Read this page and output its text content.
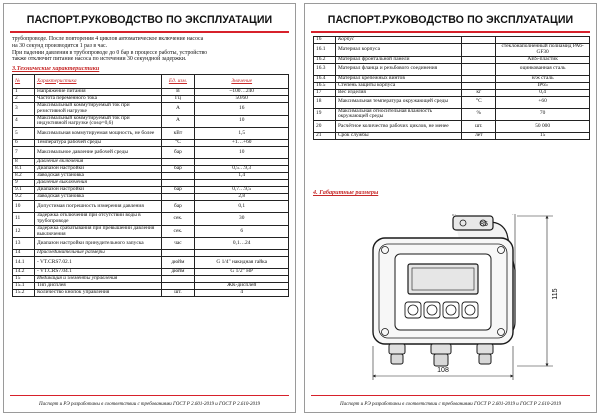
ПАСПОРТ.РУКОВОДСТВО ПО ЭКСПЛУАТАЦИИ
трубопроводе. После повторения 4 циклов автоматическое включение насоса
на 30 секунд производится 1 раз в час.
При падении давления в трубопроводе до 0 бар в процессе работы, устройство
также отключит питание насоса по истечении 30 секундной задержки.
3.Технические характеристики
№	Характеристика	Ед. изм.	Значение
1	Напряжение питания	В	~100…240
2	Частота переменного тока	Гц	50/60
3	Максимальный коммутируемый ток при резистивной нагрузке	А	16
4	Максимальный коммутируемый ток при индуктивной нагрузке (cosφ=0,6)	А	10
5	Максимальная коммутируемая мощность, не более	кВт	1,5
6	Температура рабочей среды	°С	+1…+60
7	Максимальное давление рабочей среды	бар	10
8	Давление включения		
8.1	Диапазон настройки	бар	0,5…9,3
8.2	Заводская установка		1,4
9	Давление выключения		
9.1	Диапазон настройки	бар	0,7…9,5
9.2	Заводская установка		2,8
10	Допустимая погрешность измерения давления	бар	0,1
11	Задержка отключения при отсутствии воды в трубопроводе	сек.	30
12	Задержка срабатывания при превышении давления выключения	сек.	6
13	Диапазон настройки принудительного запуска	час	0,1…24
14	Присоединительные размеры		
14.1	- VT.CRS7.02.1	дюйм	G 1/4" накидная гайка
14.2	- VT.CRS7.04.1	дюйм	G 1/2" НР
15	Индикация и элементы управления		
15.1	Тип дисплея		ЖК-дисплей
15.2	Количество кнопок управления	шт.	4
Паспорт и РЭ разработаны в соответствии с требованиями ГОСТ Р 2.601-2019 и ГОСТ Р 2.610-2019
ПАСПОРТ.РУКОВОДСТВО ПО ЭКСПЛУАТАЦИИ
16	Корпус		
16.1	Материал корпуса		стеклонаполненный полиамид PA6-GF30
16.2	Материал фронтальной панели		ABS-пластик
16.3	Материал фланца и резьбового соединения		оцинкованная сталь
16.4	Материал крепёжных винтов		н/ж сталь
16.5	Степень защиты корпуса		IP65
17	Вес изделия	кг	0,4
18	Максимальная температура окружающей среды	°С	+60
19	Максимальная относительная влажность окружающей среды	%	70
20	Расчётное количество рабочих циклов, не менее	шт.	50 000
21	Срок службы	лет	15
4. Габаритные размеры
85
115
108
Паспорт и РЭ разработаны в соответствии с требованиями ГОСТ Р 2.601-2019 и ГОСТ Р 2.610-2019
